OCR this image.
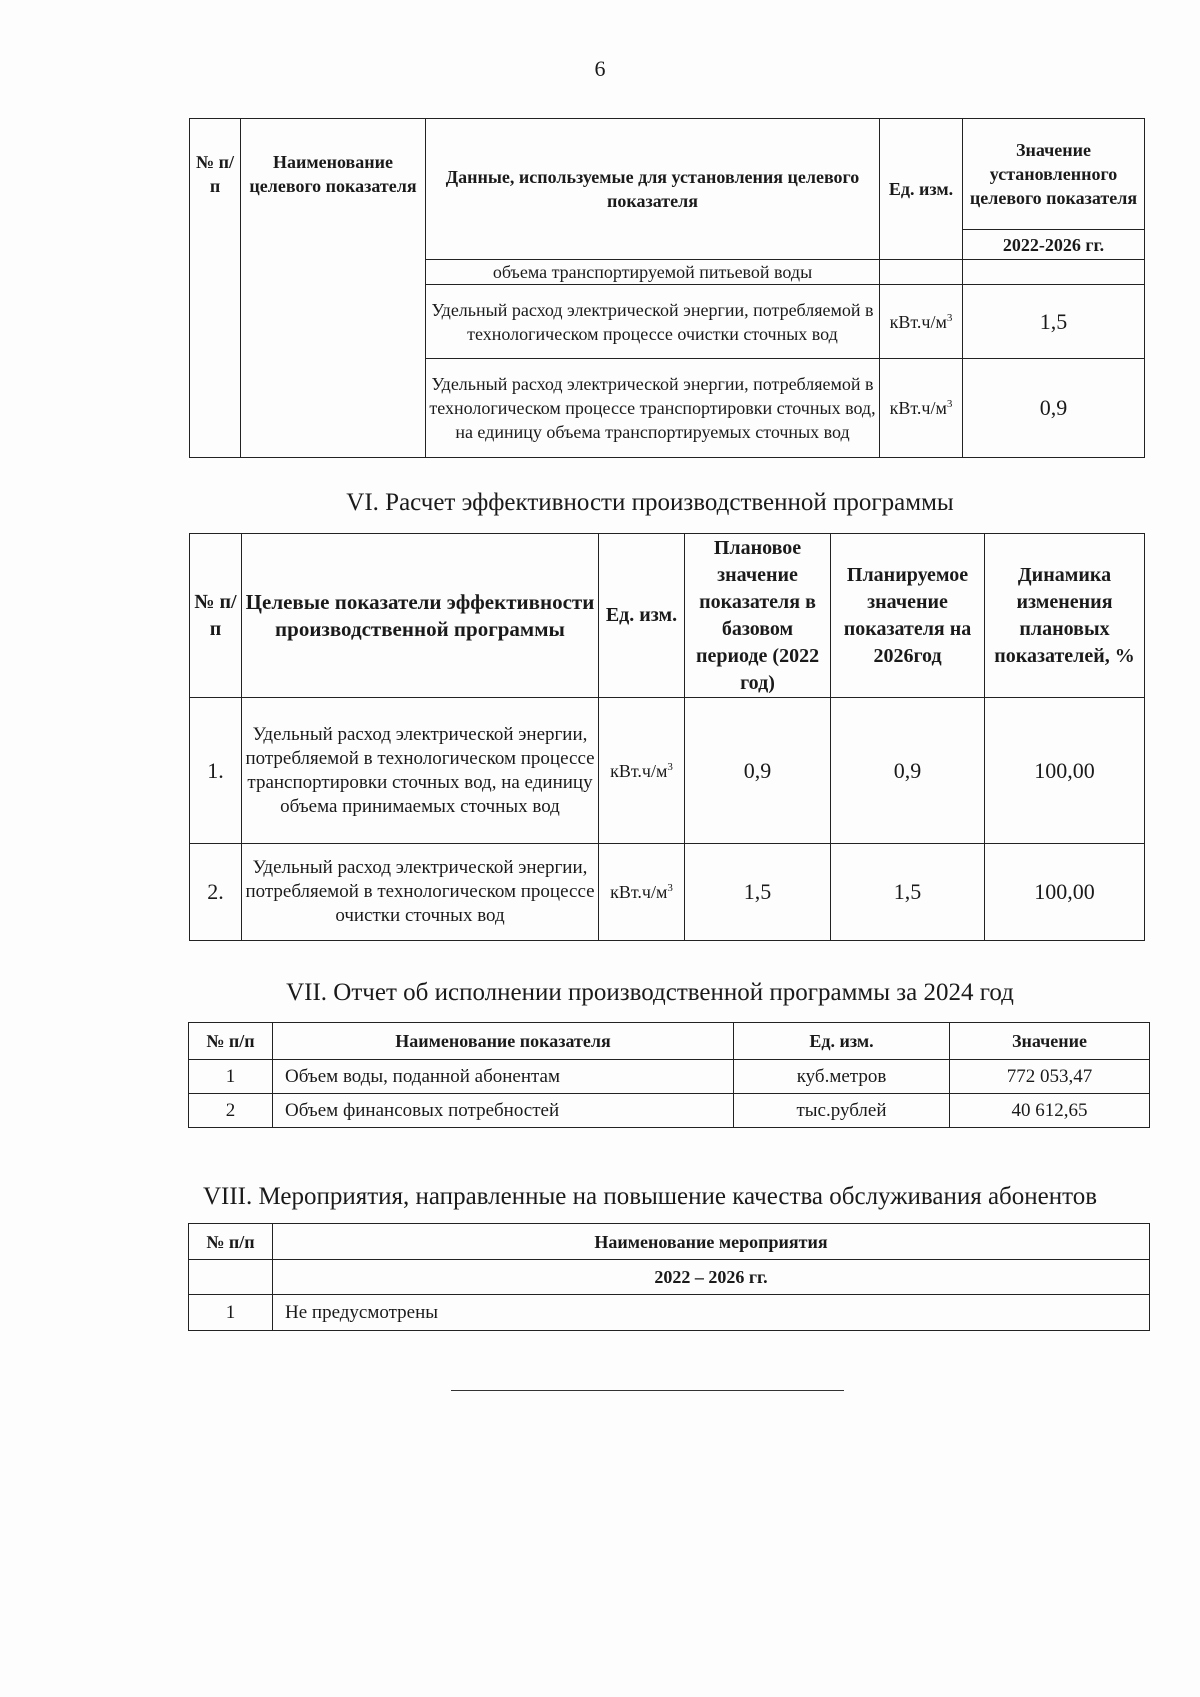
6
№ п/п	Наименование целевого показателя	Данные, используемые для установления целевого показателя	Ед. изм.	Значение установленного целевого показателя
				2022-2026 гг.
		объема транспортируемой питьевой воды		
		Удельный расход электрической энергии, потребляемой в технологическом процессе очистки сточных вод	$кВт.ч/м^3$	1,5
		Удельный расход электрической энергии, потребляемой в технологическом процессе транспортировки сточных вод, на единицу объема транспортируемых сточных вод	$кВт.ч/м^3$	0,9
VI. Расчет эффективности производственной программы
№ п/п	Целевые показатели эффективности производственной программы	Ед. изм.	Плановое значение показателя в базовом периоде (2022 год)	Планируемое значение показателя на 2026год	Динамика изменения плановых показателей, %
1.	Удельный расход электрической энергии, потребляемой в технологическом процессе транспортировки сточных вод, на единицу объема принимаемых сточных вод	$кВт.ч/м^3$	0,9	0,9	100,00
2.	Удельный расход электрической энергии, потребляемой в технологическом процессе очистки сточных вод	$кВт.ч/м^3$	1,5	1,5	100,00
VII. Отчет об исполнении производственной программы за 2024 год
№ п/п	Наименование показателя	Ед. изм.	Значение
1	Объем воды, поданной абонентам	куб.метров	772 053,47
2	Объем финансовых потребностей	тыс.рублей	40 612,65
VIII. Мероприятия, направленные на повышение качества обслуживания абонентов
№ п/п	Наименование мероприятия
	2022 – 2026 гг.
1	Не предусмотрены
